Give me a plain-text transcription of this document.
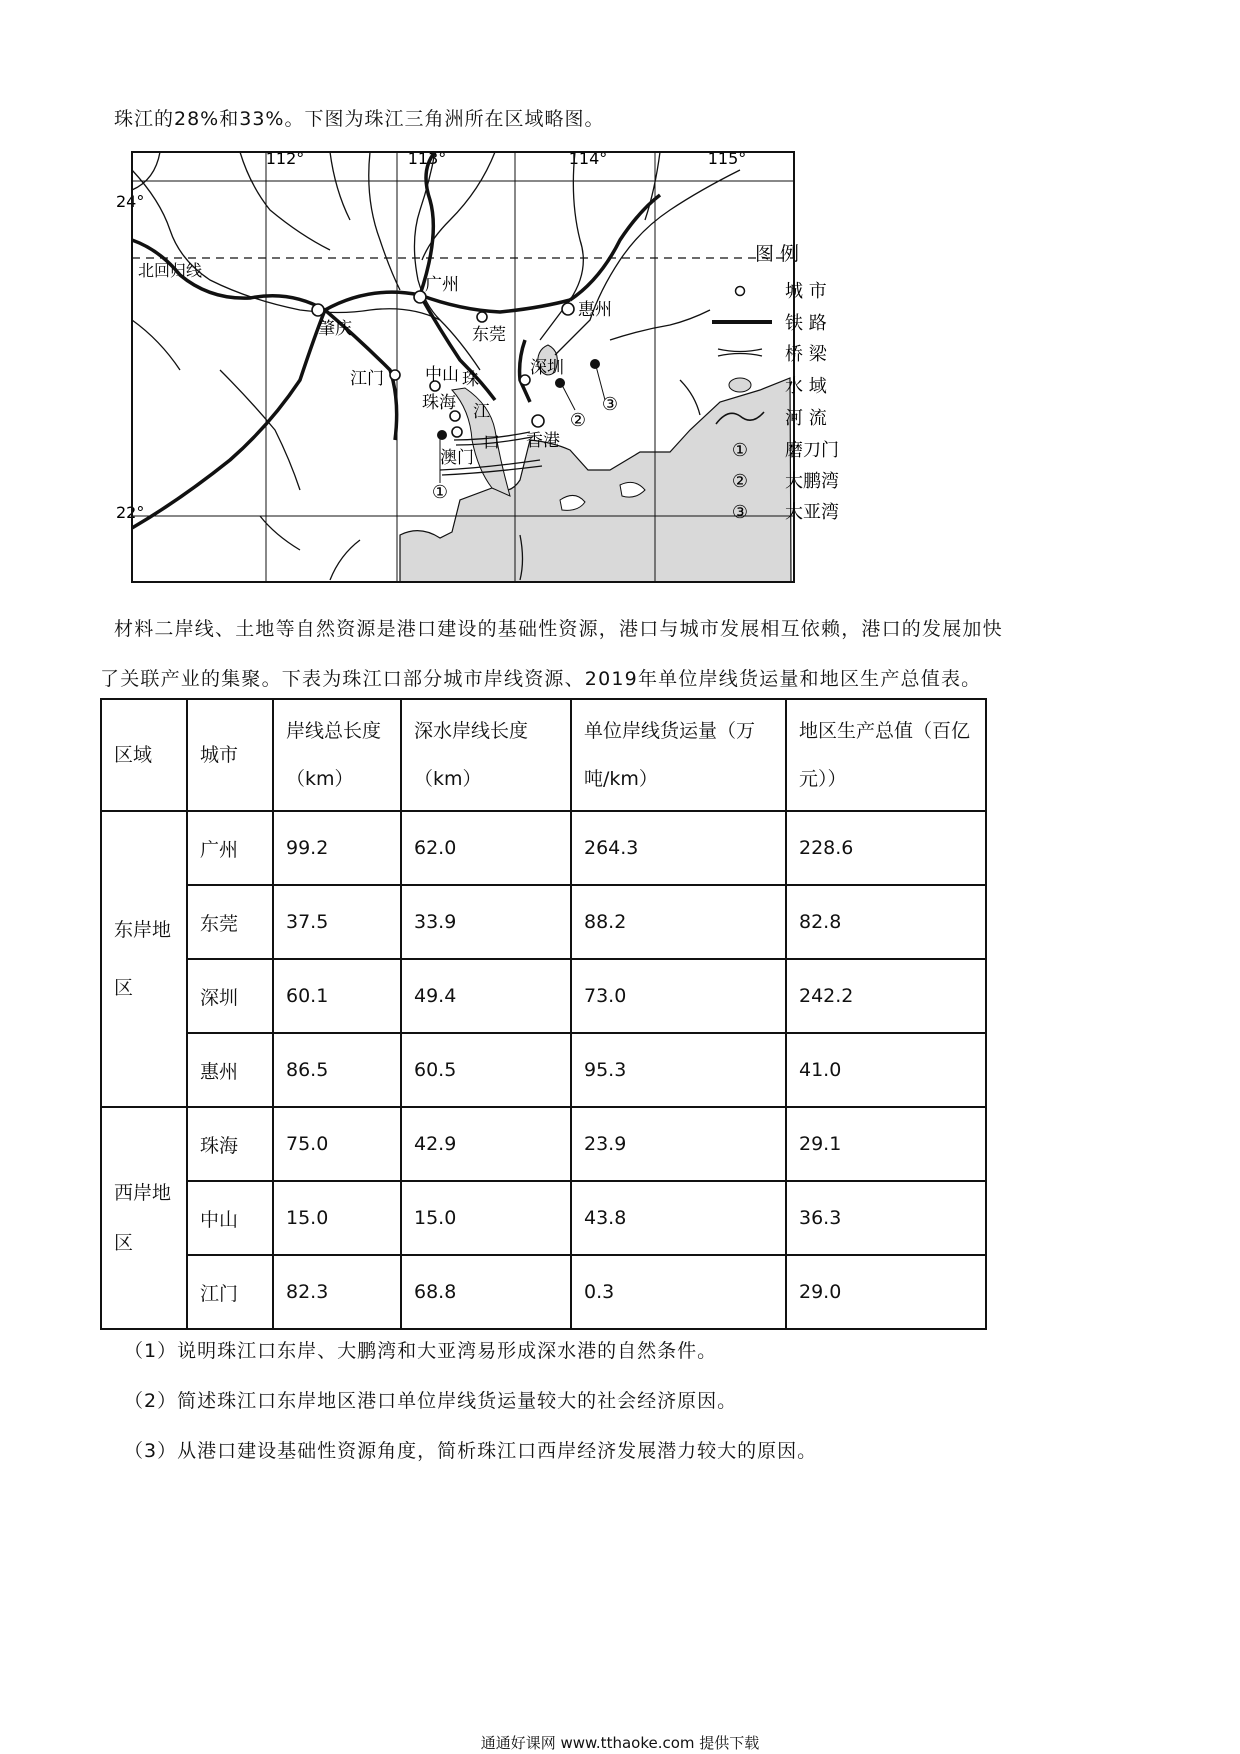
珠江的28%和33%。下图为珠江三角洲所在区域略图。
112°	113°	114°	115°
24°
22°
北回归线
广州
惠州
东莞
肇庆
深圳
江门 中山
珠海
香港
澳门
珠
江
口
①
②
③
图 例
城 市
铁 路
桥 梁
水 域
河 流
① 磨刀门
② 大鹏湾
③ 大亚湾
材料二岸线、土地等自然资源是港口建设的基础性资源，港口与城市发展相互依赖，港口的发展加快
了关联产业的集聚。下表为珠江口部分城市岸线资源、2019年单位岸线货运量和地区生产总值表。
区域	城市	岸线总长度（km）	深水岸线长度（km）	单位岸线货运量（万吨/km）	地区生产总值（百亿元））
东岸地区	广州	99.2	62.0	264.3	228.6
	东莞	37.5	33.9	88.2	82.8
	深圳	60.1	49.4	73.0	242.2
	惠州	86.5	60.5	95.3	41.0
西岸地区	珠海	75.0	42.9	23.9	29.1
	中山	15.0	15.0	43.8	36.3
	江门	82.3	68.8	0.3	29.0
（1）说明珠江口东岸、大鹏湾和大亚湾易形成深水港的自然条件。
（2）简述珠江口东岸地区港口单位岸线货运量较大的社会经济原因。
（3）从港口建设基础性资源角度，简析珠江口西岸经济发展潜力较大的原因。
通通好课网 www.tthaoke.com 提供下载
